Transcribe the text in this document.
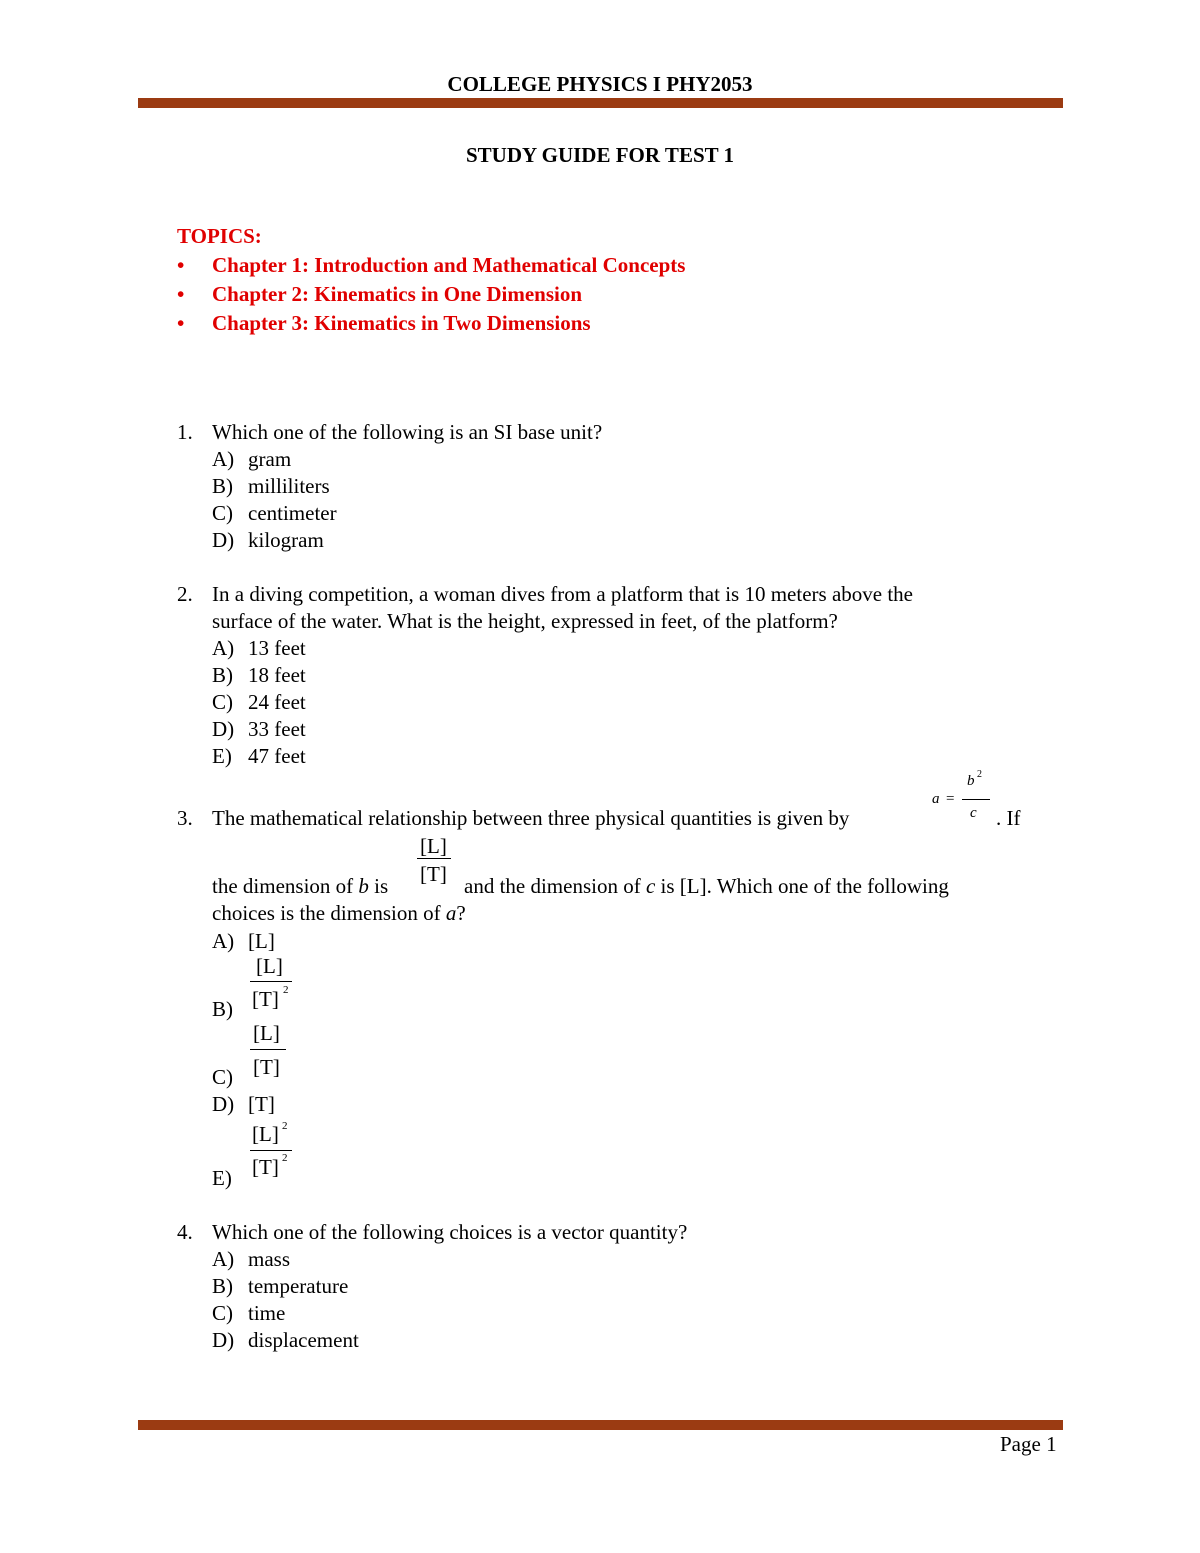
COLLEGE PHYSICS I PHY2053
STUDY GUIDE FOR TEST 1
TOPICS:
• Chapter 1: Introduction and Mathematical Concepts
• Chapter 2: Kinematics in One Dimension
• Chapter 3: Kinematics in Two Dimensions
1. Which one of the following is an SI base unit?
A) gram
B) milliliters
C) centimeter
D) kilogram
2. In a diving competition, a woman dives from a platform that is 10 meters above the
surface of the water. What is the height, expressed in feet, of the platform?
A) 13 feet
B) 18 feet
C) 24 feet
D) 33 feet
E) 47 feet
3. The mathematical relationship between three physical quantities is given by
a =
b 2
c . If
[L]
[T]
the dimension of b is	and the dimension of c is [L]. Which one of the following
choices is the dimension of a?
A) [L]
[L]
[T] 2
B)
[L]
[T]
C)
D) [T]
[L] 2
[T] 2
E)
4. Which one of the following choices is a vector quantity?
A) mass
B) temperature
C) time
D) displacement
Page 1
